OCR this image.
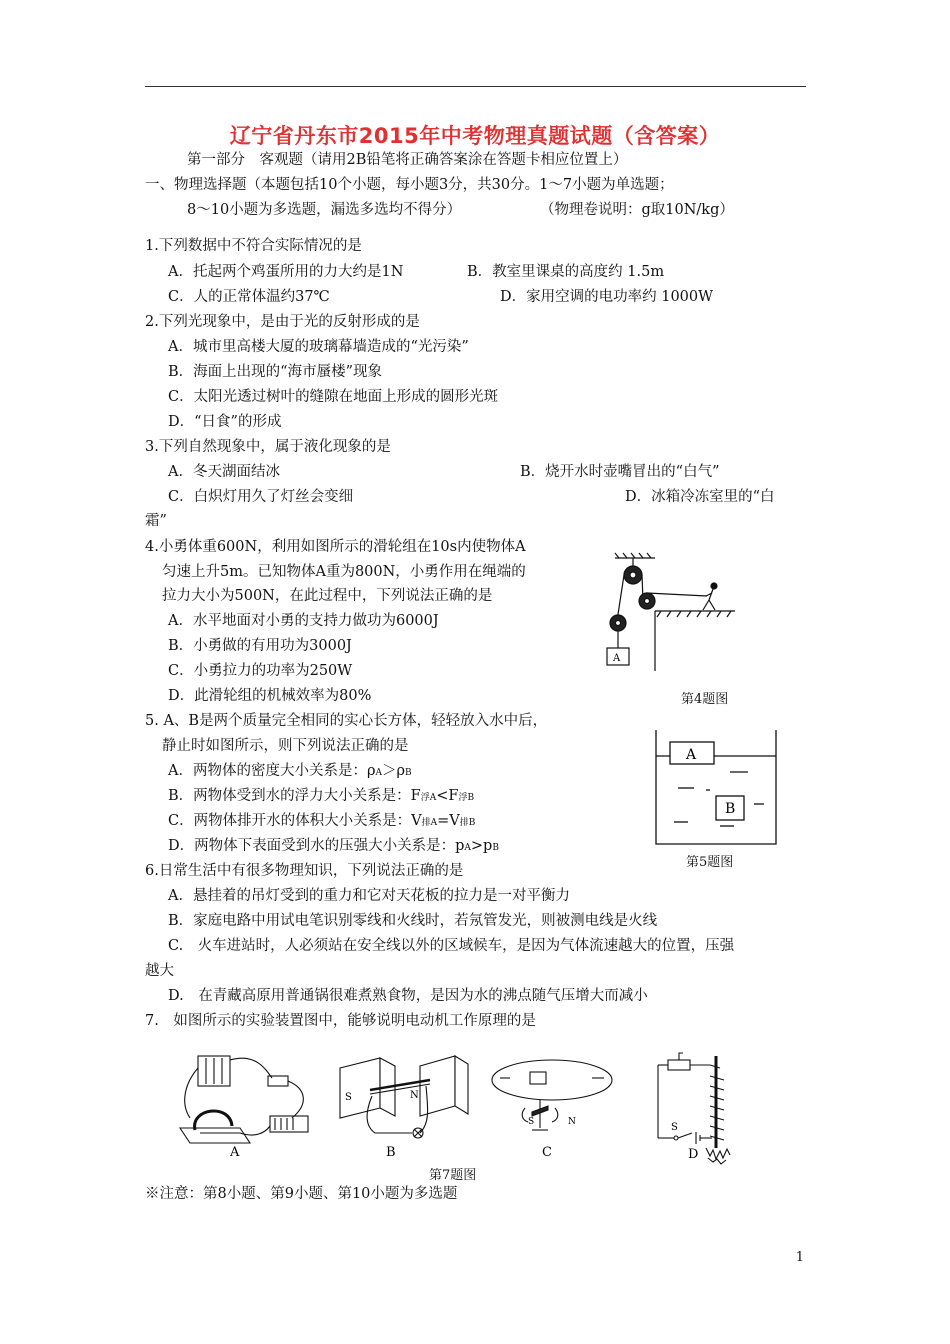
辽宁省丹东市2015年中考物理真题试题（含答案）
第一部分　客观题（请用2B铅笔将正确答案涂在答题卡相应位置上）
一、物理选择题（本题包括10个小题，每小题3分，共30分。1～7小题为单选题；
8～10小题为多选题，漏选多选均不得分）	（物理卷说明：g取10N/kg）
1.下列数据中不符合实际情况的是
A．托起两个鸡蛋所用的力大约是1N	B．教室里课桌的高度约 1.5m
C．人的正常体温约37℃	D．家用空调的电功率约 1000W
2.下列光现象中，是由于光的反射形成的是
A．城市里高楼大厦的玻璃幕墙造成的“光污染”
B．海面上出现的“海市蜃楼”现象
C．太阳光透过树叶的缝隙在地面上形成的圆形光斑
D．“日食”的形成
3.下列自然现象中，属于液化现象的是
A．冬天湖面结冰	B．烧开水时壶嘴冒出的“白气”
C．白炽灯用久了灯丝会变细	D．冰箱冷冻室里的“白
霜”
4.小勇体重600N，利用如图所示的滑轮组在10s内使物体A
匀速上升5m。已知物体A重为800N，小勇作用在绳端的
拉力大小为500N，在此过程中，下列说法正确的是
A．水平地面对小勇的支持力做功为6000J
B．小勇做的有用功为3000J
C．小勇拉力的功率为250W
D．此滑轮组的机械效率为80%
A
第4题图
5. A、B是两个质量完全相同的实心长方体，轻轻放入水中后，
静止时如图所示，则下列说法正确的是
A．两物体的密度大小关系是：ρA＞ρB
B．两物体受到水的浮力大小关系是：F浮A<F浮B
C．两物体排开水的体积大小关系是：V排A=V排B
D．两物体下表面受到水的压强大小关系是：pA>pB
A
B
第5题图
6.日常生活中有很多物理知识，下列说法正确的是
A．悬挂着的吊灯受到的重力和它对天花板的拉力是一对平衡力
B．家庭电路中用试电笔识别零线和火线时，若氖管发光，则被测电线是火线
C.　火车进站时，人必须站在安全线以外的区域候车，是因为气体流速越大的位置，压强
越大
D.　在青藏高原用普通锅很难煮熟食物，是因为水的沸点随气压增大而减小
7.　如图所示的实验装置图中，能够说明电动机工作原理的是
A
S	N
B
S	N
C
S
D
第7题图
※注意：第8小题、第9小题、第10小题为多选题
1
